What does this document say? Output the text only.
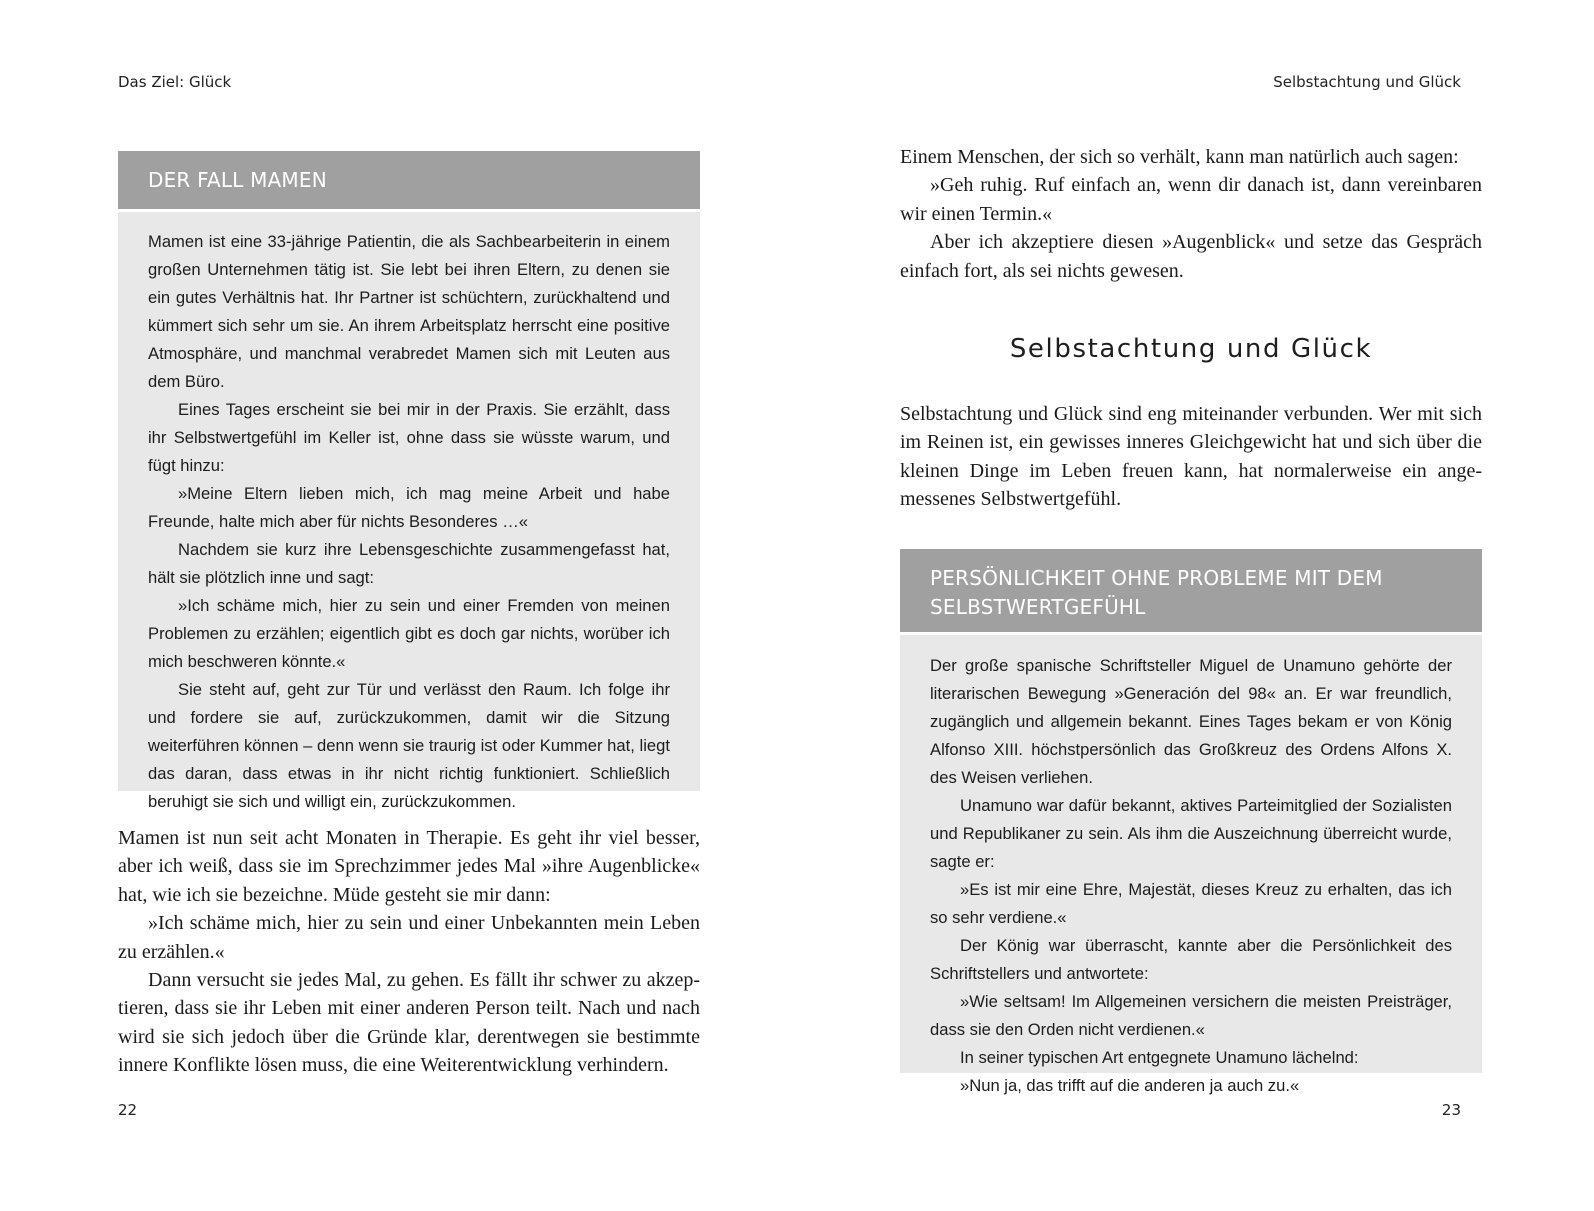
Das Ziel: Glück
DER FALL MAMEN

Mamen ist eine 33-jährige Patientin, die als Sachbearbeiterin in einem großen Unternehmen tätig ist. Sie lebt bei ihren Eltern, zu denen sie ein gutes Verhältnis hat. Ihr Partner ist schüchtern, zurückhaltend und kümmert sich sehr um sie. An ihrem Arbeitsplatz herrscht eine positive Atmosphäre, und manchmal verabredet Mamen sich mit Leuten aus dem Büro.

Eines Tages erscheint sie bei mir in der Praxis. Sie erzählt, dass ihr Selbstwertgefühl im Keller ist, ohne dass sie wüsste warum, und fügt hinzu:

»Meine Eltern lieben mich, ich mag meine Arbeit und habe Freunde, halte mich aber für nichts Besonderes …«

Nachdem sie kurz ihre Lebensgeschichte zusammengefasst hat, hält sie plötzlich inne und sagt:

»Ich schäme mich, hier zu sein und einer Fremden von meinen Problemen zu erzählen; eigentlich gibt es doch gar nichts, worüber ich mich beschweren könnte.«

Sie steht auf, geht zur Tür und verlässt den Raum. Ich folge ihr und fordere sie auf, zurückzukommen, damit wir die Sitzung weiterführen können – denn wenn sie traurig ist oder Kummer hat, liegt das daran, dass etwas in ihr nicht richtig funktioniert. Schließlich beruhigt sie sich und willigt ein, zurückzukommen.

Mamen ist nun seit acht Monaten in Therapie. Es geht ihr viel besser, aber ich weiß, dass sie im Sprechzimmer jedes Mal »ihre Augenblicke« hat, wie ich sie bezeichne. Müde gesteht sie mir dann:

»Ich schäme mich, hier zu sein und einer Unbekannten mein Leben zu erzählen.«

Dann versucht sie jedes Mal, zu gehen. Es fällt ihr schwer zu akzeptieren, dass sie ihr Leben mit einer anderen Person teilt. Nach und nach wird sie sich jedoch über die Gründe klar, derentwegen sie bestimmte innere Konflikte lösen muss, die eine Weiterentwicklung verhindern.

22
Selbstachtung und Glück

Einem Menschen, der sich so verhält, kann man natürlich auch sagen:

»Geh ruhig. Ruf einfach an, wenn dir danach ist, dann vereinbaren wir einen Termin.«

Aber ich akzeptiere diesen »Augenblick« und setze das Gespräch einfach fort, als sei nichts gewesen.

Selbstachtung und Glück

Selbstachtung und Glück sind eng miteinander verbunden. Wer mit sich im Reinen ist, ein gewisses inneres Gleichgewicht hat und sich über die kleinen Dinge im Leben freuen kann, hat normalerweise ein angemessenes Selbstwertgefühl.

PERSÖNLICHKEIT OHNE PROBLEME MIT DEM
SELBSTWERTGEFÜHL

Der große spanische Schriftsteller Miguel de Unamuno gehörte der literarischen Bewegung »Generación del 98« an. Er war freundlich, zugänglich und allgemein bekannt. Eines Tages bekam er von König Alfonso XIII. höchstpersönlich das Großkreuz des Ordens Alfons X. des Weisen verliehen.

Unamuno war dafür bekannt, aktives Parteimitglied der Sozialisten und Republikaner zu sein. Als ihm die Auszeichnung überreicht wurde, sagte er:

»Es ist mir eine Ehre, Majestät, dieses Kreuz zu erhalten, das ich so sehr verdiene.«

Der König war überrascht, kannte aber die Persönlichkeit des Schriftstellers und antwortete:

»Wie seltsam! Im Allgemeinen versichern die meisten Preisträger, dass sie den Orden nicht verdienen.«

In seiner typischen Art entgegnete Unamuno lächelnd:

»Nun ja, das trifft auf die anderen ja auch zu.«

23
